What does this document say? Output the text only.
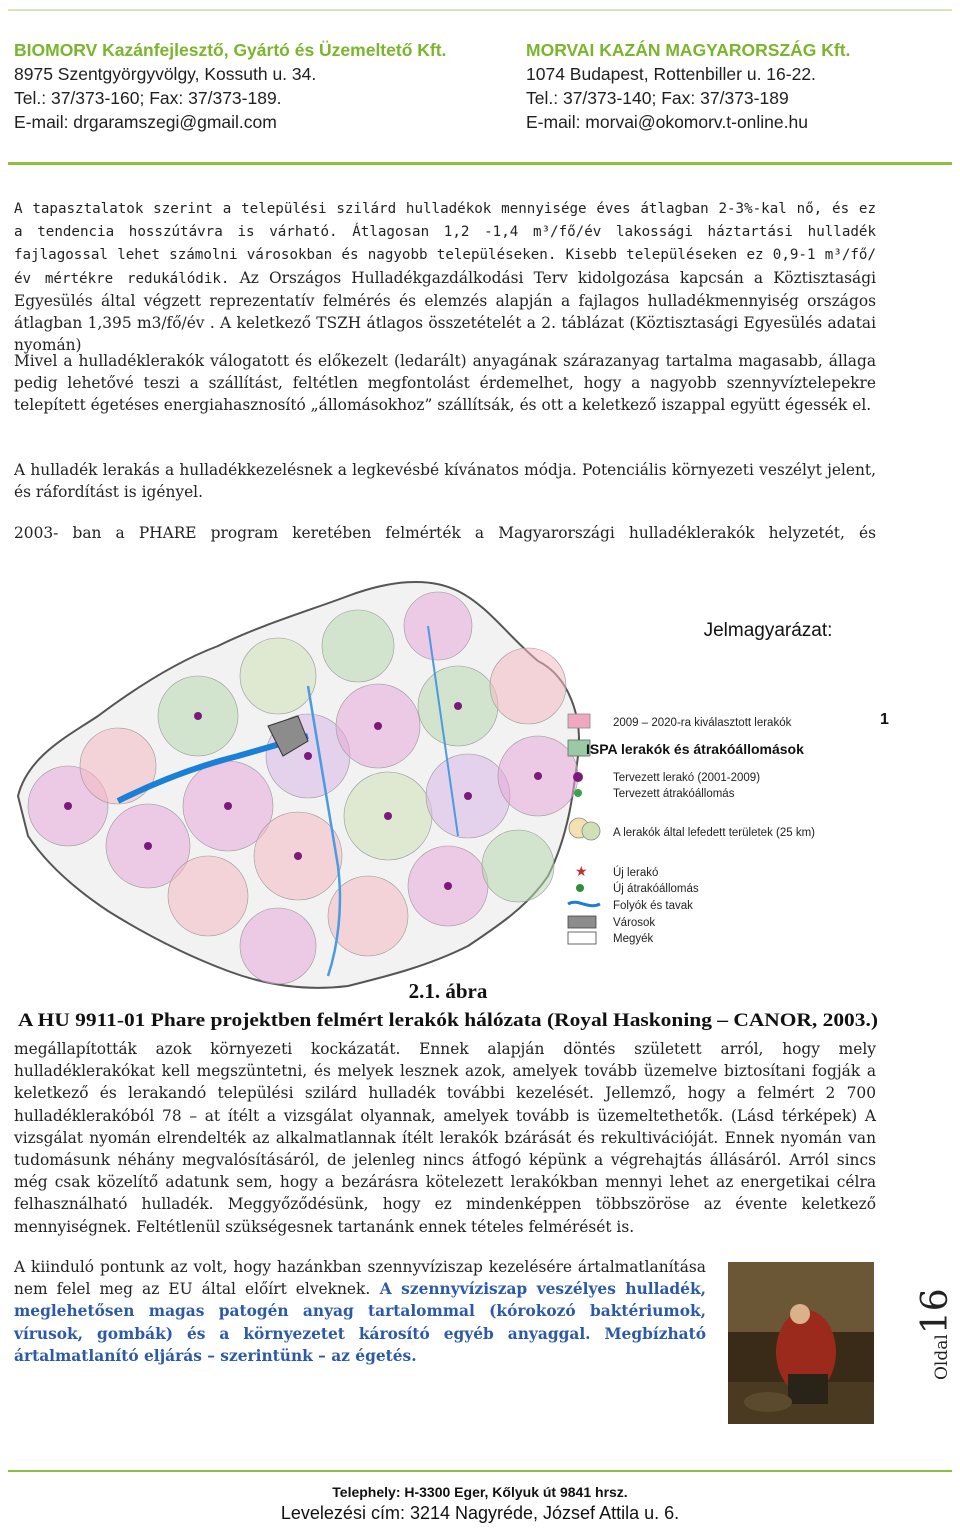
BIOMORV Kazánfejlesztő, Gyártó és Üzemeltető Kft.
8975 Szentgyörgyvölgy, Kossuth u. 34.
Tel.: 37/373-160; Fax: 37/373-189.
E-mail: drgaramszegi@gmail.com
MORVAI KAZÁN MAGYARORSZÁG Kft.
1074 Budapest, Rottenbiller u. 16-22.
Tel.: 37/373-140; Fax: 37/373-189
E-mail: morvai@okomorv.t-online.hu
A tapasztalatok szerint a települési szilárd hulladékok mennyisége éves átlagban 2-3%-kal nő, és ez a tendencia hosszútávra is várható. Átlagosan 1,2 -1,4 m³/fő/év lakossági háztartási hulladék fajlagossal lehet számolni városokban és nagyobb településeken. Kisebb településeken ez 0,9-1 m³/fő/év mértékre redukálódik. Az Országos Hulladékgazdálkodási Terv kidolgozása kapcsán a Köztisztasági Egyesülés által végzett reprezentatív felmérés és elemzés alapján a fajlagos hulladékmennyiség országos átlagban 1,395 m3/fő/év . A keletkező TSZH átlagos összetételét a 2. táblázat (Köztisztasági Egyesülés adatai nyomán)
Mivel a hulladéklerakók válogatott és előkezelt (ledarált) anyagának szárazanyag tartalma magasabb, állaga pedig lehetővé teszi a szállítást, feltétlen megfontolást érdemelhet, hogy a nagyobb szennyvíztelepekre telepített égetéses energiahasznosító „állomásokhoz” szállítsák, és ott a keletkező iszappal együtt égessék el.
A hulladék lerakás a hulladékkezelésnek a legkevésbé kívánatos módja. Potenciális környezeti veszélyt jelent, és ráfordítást is igényel.
2003- ban a PHARE program keretében felmérték a Magyarországi hulladéklerakók helyzetét, és
Jelmagyarázat:
1
2009 – 2020-ra kiválasztott lerakók
ISPA lerakók és átrakóállomások
Tervezett lerakó (2001-2009)
Tervezett átrakóállomás
A lerakók által lefedett területek (25 km)
★ Új lerakó
Új átrakóállomás
Folyók és tavak
Városok
Megyék
2.1. ábra
A HU 9911-01 Phare projektben felmért lerakók hálózata (Royal Haskoning – CANOR, 2003.)
megállapították azok környezeti kockázatát. Ennek alapján döntés született arról, hogy mely hulladéklerakókat kell megszüntetni, és melyek lesznek azok, amelyek tovább üzemelve biztosítani fogják a keletkező és lerakandó települési szilárd hulladék további kezelését. Jellemző, hogy a felmért 2 700 hulladéklerakóból 78 – at ítélt a vizsgálat olyannak, amelyek tovább is üzemeltethetők. (Lásd térképek) A vizsgálat nyomán elrendelték az alkalmatlannak ítélt lerakók bzárását és rekultivációját. Ennek nyomán van tudomásunk néhány megvalósításáról, de jelenleg nincs átfogó képünk a végrehajtás állásáról. Arról sincs még csak közelítő adatunk sem, hogy a bezárásra kötelezett lerakókban mennyi lehet az energetikai célra felhasználható hulladék. Meggyőződésünk, hogy ez mindenképpen többszöröse az évente keletkező mennyiségnek. Feltétlenül szükségesnek tartanánk ennek tételes felmérését is.
A kiinduló pontunk az volt, hogy hazánkban szennyvíziszap kezelésére ártalmatlanítása nem felel meg az EU által előírt elveknek. A szennyvíziszap veszélyes hulladék, meglehetősen magas patogén anyag tartalommal (kórokozó baktériumok, vírusok, gombák) és a környezetet károsító egyéb anyaggal. Megbízható ártalmatlanító eljárás – szerintünk – az égetés.	Oldal16
Telephely: H-3300 Eger, Kőlyuk út 9841 hrsz.
Levelezési cím: 3214 Nagyréde, József Attila u. 6.
